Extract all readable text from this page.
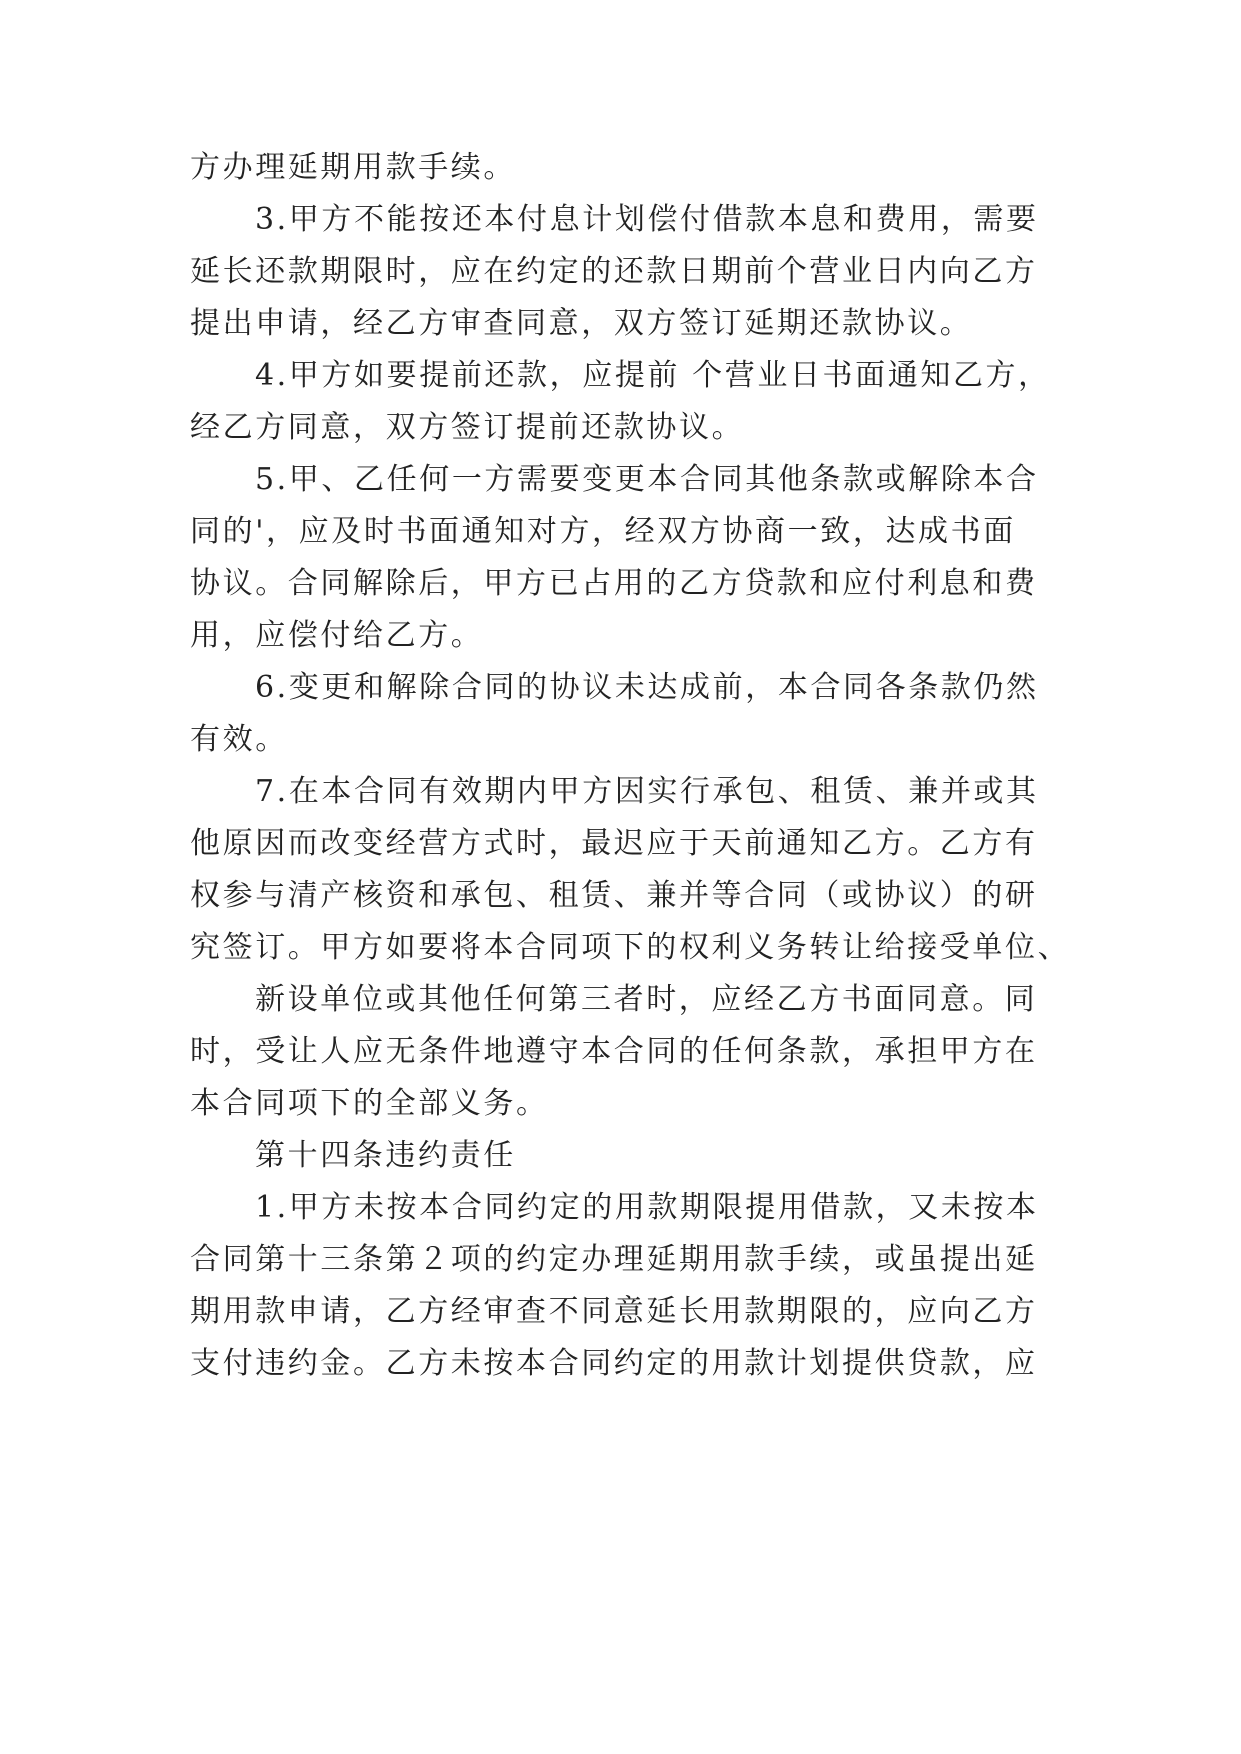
方办理延期用款手续。
3.甲方不能按还本付息计划偿付借款本息和费用，需要
延长还款期限时，应在约定的还款日期前个营业日内向乙方
提出申请，经乙方审查同意，双方签订延期还款协议。
4.甲方如要提前还款，应提前 个营业日书面通知乙方，
经乙方同意，双方签订提前还款协议。
5.甲、乙任何一方需要变更本合同其他条款或解除本合
同的'，应及时书面通知对方，经双方协商一致，达成书面
协议。合同解除后，甲方已占用的乙方贷款和应付利息和费
用，应偿付给乙方。
6.变更和解除合同的协议未达成前，本合同各条款仍然
有效。
7.在本合同有效期内甲方因实行承包、租赁、兼并或其
他原因而改变经营方式时，最迟应于天前通知乙方。乙方有
权参与清产核资和承包、租赁、兼并等合同（或协议）的研
究签订。甲方如要将本合同项下的权利义务转让给接受单位、
新设单位或其他任何第三者时，应经乙方书面同意。同
时，受让人应无条件地遵守本合同的任何条款，承担甲方在
本合同项下的全部义务。
第十四条违约责任
1.甲方未按本合同约定的用款期限提用借款，又未按本
合同第十三条第２项的约定办理延期用款手续，或虽提出延
期用款申请，乙方经审查不同意延长用款期限的，应向乙方
支付违约金。乙方未按本合同约定的用款计划提供贷款，应
